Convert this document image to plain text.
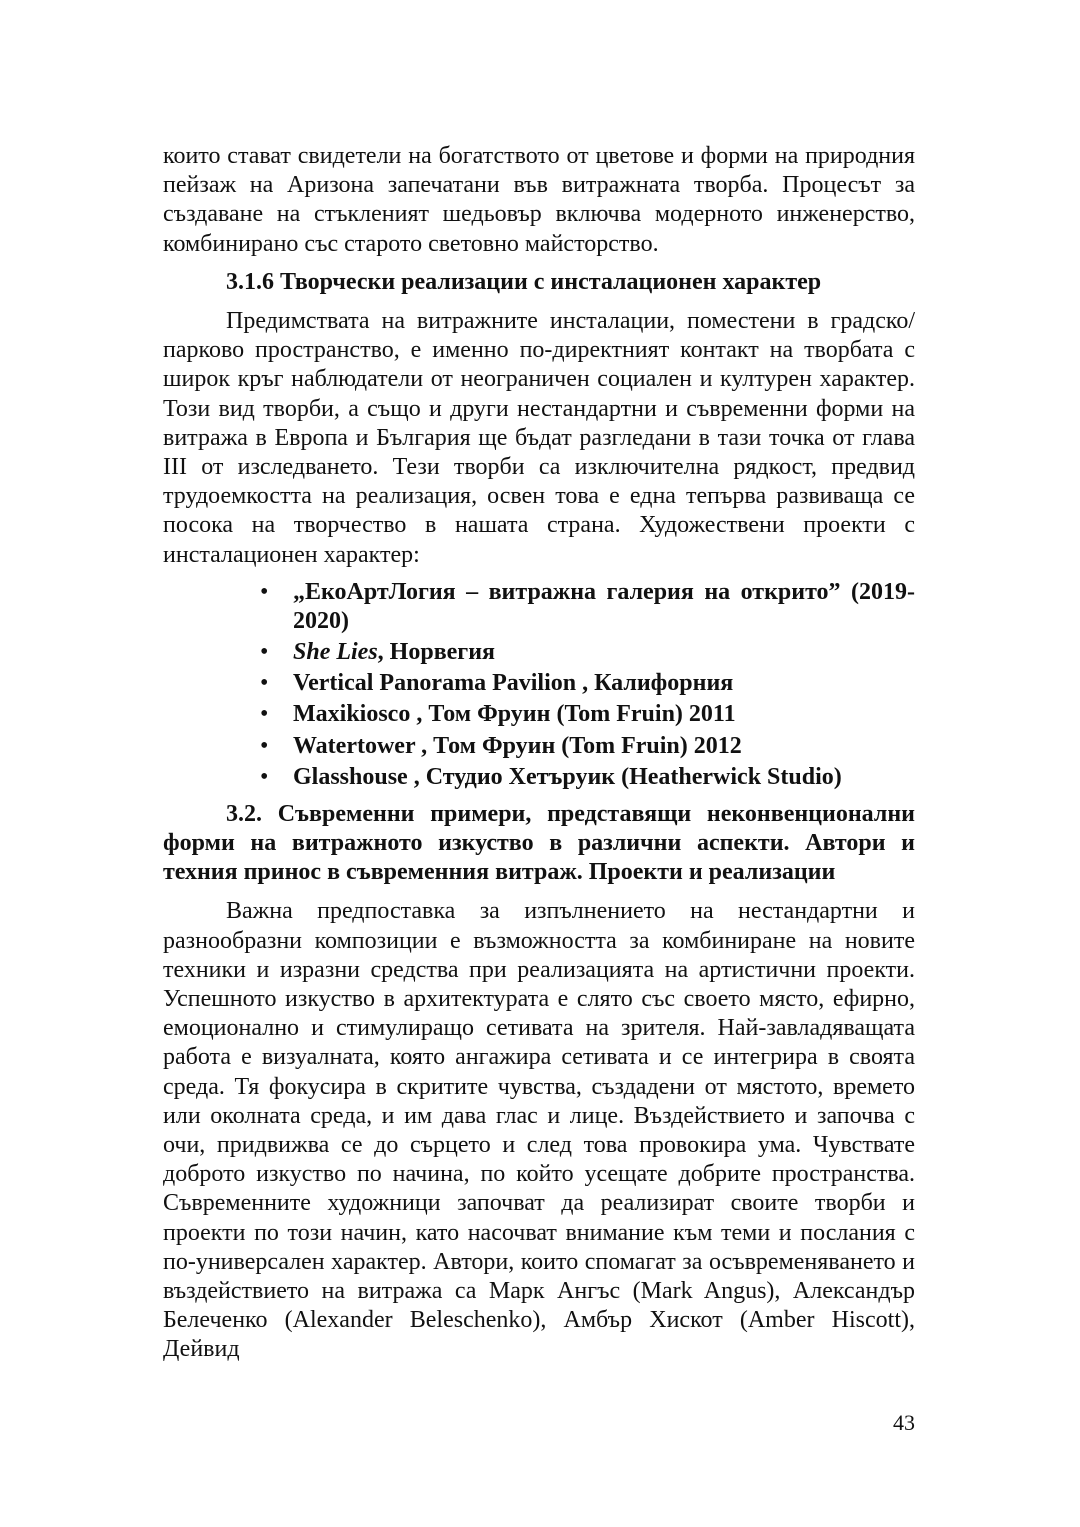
които стават свидетели на богатството от цветове и форми на природния пейзаж на Аризона запечатани във витражната творба. Процесът за създаване на стъкленият шедьовър включва модерното инженерство, комбинирано със старото световно майсторство.

3.1.6 Творчески реализации с инсталационен характер

Предимствата на витражните инсталации, поместени в градско/парково пространство, е именно по-директният контакт на творбата с широк кръг наблюдатели от неограничен социален и културен характер. Този вид творби, а също и други нестандартни и съвременни форми на витража в Европа и България ще бъдат разгледани в тази точка от глава III от изследването. Тези творби са изключителна рядкост, предвид трудоемкостта на реализация, освен това е една тепърва развиваща се посока на творчество в нашата страна. Художествени проекти с инсталационен характер:

• „ЕкоАртЛогия – витражна галерия на открито” (2019-2020)
• She Lies, Норвегия
• Vertical Panorama Pavilion , Калифорния
• Maxikiosco , Том Фруин (Tom Fruin) 2011
• Watertower , Том Фруин (Tom Fruin) 2012
• Glasshouse , Студио Хетъруик (Heatherwick Studio)

3.2. Съвременни примери, представящи неконвенционални форми на витражното изкуство в различни аспекти. Автори и техния принос в съвременния витраж. Проекти и реализации

Важна предпоставка за изпълнението на нестандартни и разнообразни композиции е възможността за комбиниране на новите техники и изразни средства при реализацията на артистични проекти. Успешното изкуство в архитектурата е слято със своето място, ефирно, емоционално и стимулиращо сетивата на зрителя. Най-завладяващата работа е визуалната, която ангажира сетивата и се интегрира в своята среда. Тя фокусира в скритите чувства, създадени от мястото, времето или околната среда, и им дава глас и лице. Въздействието и започва с очи, придвижва се до сърцето и след това провокира ума. Чувствате доброто изкуство по начина, по който усещате добрите пространства. Съвременните художници започват да реализират своите творби и проекти по този начин, като насочват внимание към теми и послания с по-универсален характер. Автори, които спомагат за осъвременяването и въздействието на витража са Марк Ангъс (Mark Angus), Александър Белеченко (Alexander Beleschenko), Амбър Хискот (Amber Hiscott), Дейвид

43
